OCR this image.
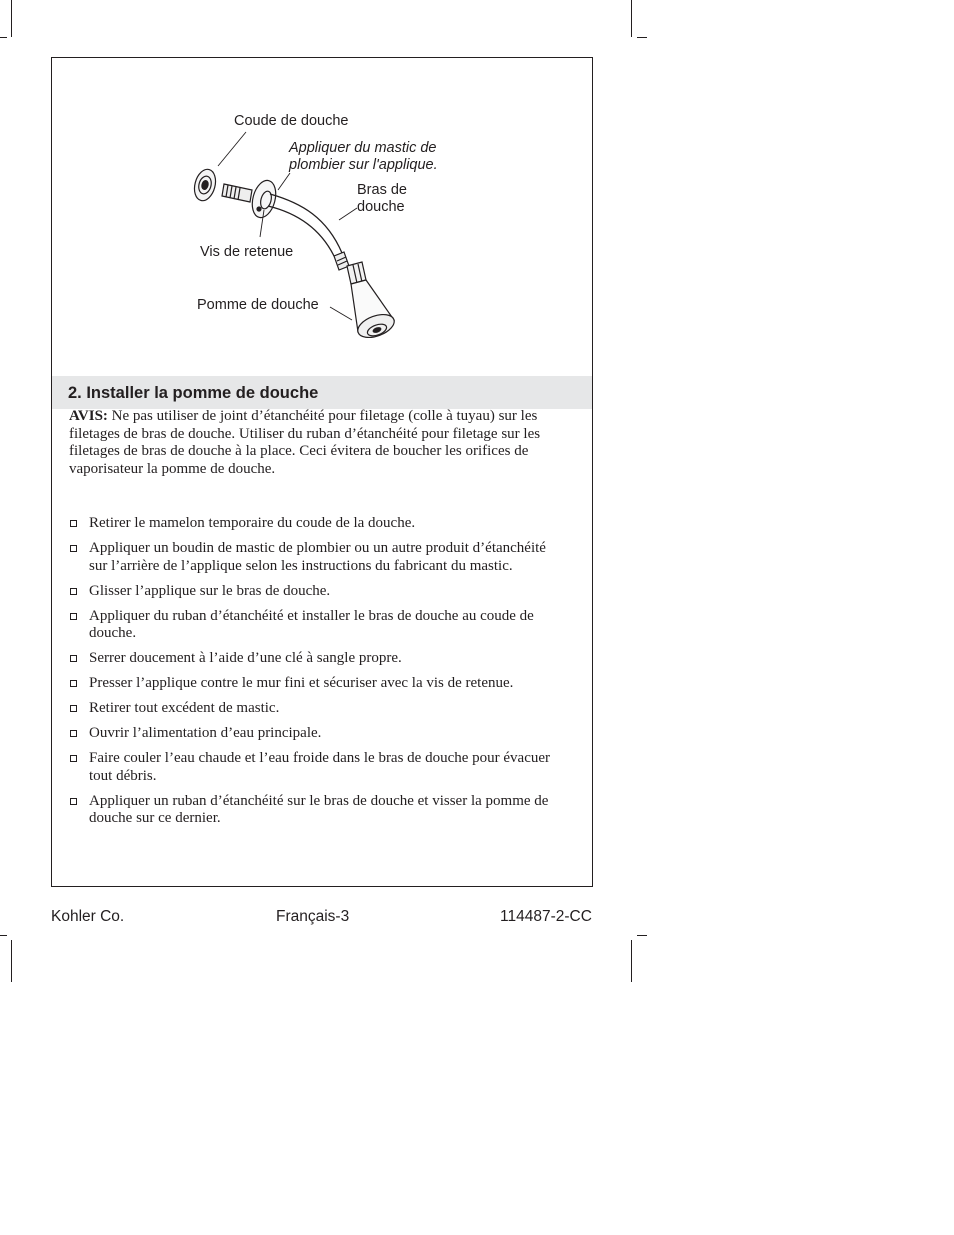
Coude de douche
Appliquer du mastic de
plombier sur l'applique.
Bras de
douche
Vis de retenue
Pomme de douche
2. Installer la pomme de douche
AVIS: Ne pas utiliser de joint d’étanchéité pour filetage (colle à tuyau) sur les filetages de bras de douche. Utiliser du ruban d’étanchéité pour filetage sur les filetages de bras de douche à la place. Ceci évitera de boucher les orifices de vaporisateur la pomme de douche.
Retirer le mamelon temporaire du coude de la douche.
Appliquer un boudin de mastic de plombier ou un autre produit d’étanchéité sur l’arrière de l’applique selon les instructions du fabricant du mastic.
Glisser l’applique sur le bras de douche.
Appliquer du ruban d’étanchéité et installer le bras de douche au coude de douche.
Serrer doucement à l’aide d’une clé à sangle propre.
Presser l’applique contre le mur fini et sécuriser avec la vis de retenue.
Retirer tout excédent de mastic.
Ouvrir l’alimentation d’eau principale.
Faire couler l’eau chaude et l’eau froide dans le bras de douche pour évacuer tout débris.
Appliquer un ruban d’étanchéité sur le bras de douche et visser la pomme de douche sur ce dernier.
Kohler Co.	Français-3	114487-2-CC
